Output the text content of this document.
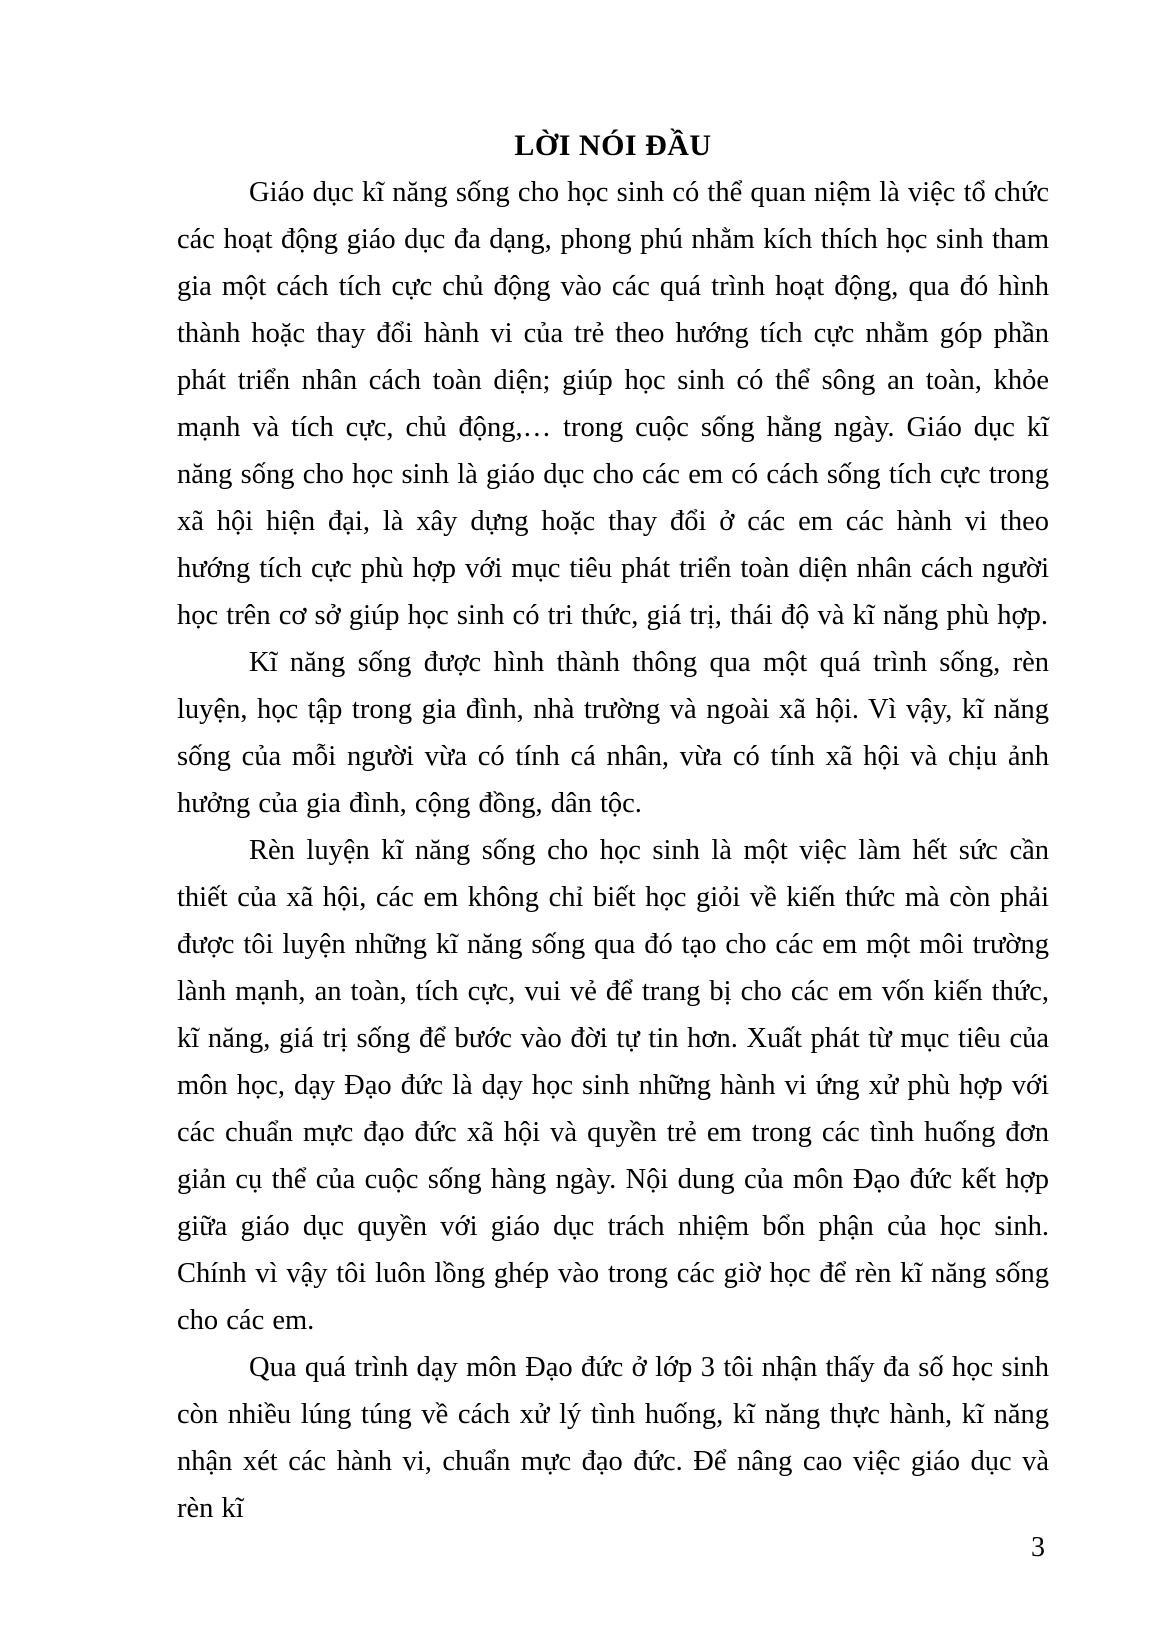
LỜI NÓI ĐẦU

Giáo dục kĩ năng sống cho học sinh có thể quan niệm là việc tổ chức các hoạt động giáo dục đa dạng, phong phú nhằm kích thích học sinh tham gia một cách tích cực chủ động vào các quá trình hoạt động, qua đó hình thành hoặc thay đổi hành vi của trẻ theo hướng tích cực nhằm góp phần phát triển nhân cách toàn diện; giúp học sinh có thể sông an toàn, khỏe mạnh và tích cực, chủ động,… trong cuộc sống hằng ngày. Giáo dục kĩ năng sống cho học sinh là giáo dục cho các em có cách sống tích cực trong xã hội hiện đại, là xây dựng hoặc thay đổi ở các em các hành vi theo hướng tích cực phù hợp với mục tiêu phát triển toàn diện nhân cách người học trên cơ sở giúp học sinh có tri thức, giá trị, thái độ và kĩ năng phù hợp.

Kĩ năng sống được hình thành thông qua một quá trình sống, rèn luyện, học tập trong gia đình, nhà trường và ngoài xã hội. Vì vậy, kĩ năng sống của mỗi người vừa có tính cá nhân, vừa có tính xã hội và chịu ảnh hưởng của gia đình, cộng đồng, dân tộc.

Rèn luyện kĩ năng sống cho học sinh là một việc làm hết sức cần thiết của xã hội, các em không chỉ biết học giỏi về kiến thức mà còn phải được tôi luyện những kĩ năng sống qua đó tạo cho các em một môi trường lành mạnh, an toàn, tích cực, vui vẻ để trang bị cho các em vốn kiến thức, kĩ năng, giá trị sống để bước vào đời tự tin hơn. Xuất phát từ mục tiêu của môn học, dạy Đạo đức là dạy học sinh những hành vi ứng xử phù hợp với các chuẩn mực đạo đức xã hội và quyền trẻ em trong các tình huống đơn giản cụ thể của cuộc sống hàng ngày. Nội dung của môn Đạo đức kết hợp giữa giáo dục quyền với giáo dục trách nhiệm bổn phận của học sinh. Chính vì vậy tôi luôn lồng ghép vào trong các giờ học để rèn kĩ năng sống cho các em.

Qua quá trình dạy môn Đạo đức ở lớp 3 tôi nhận thấy đa số học sinh còn nhiều lúng túng về cách xử lý tình huống, kĩ năng thực hành, kĩ năng nhận xét các hành vi, chuẩn mực đạo đức. Để nâng cao việc giáo dục và rèn kĩ

3
